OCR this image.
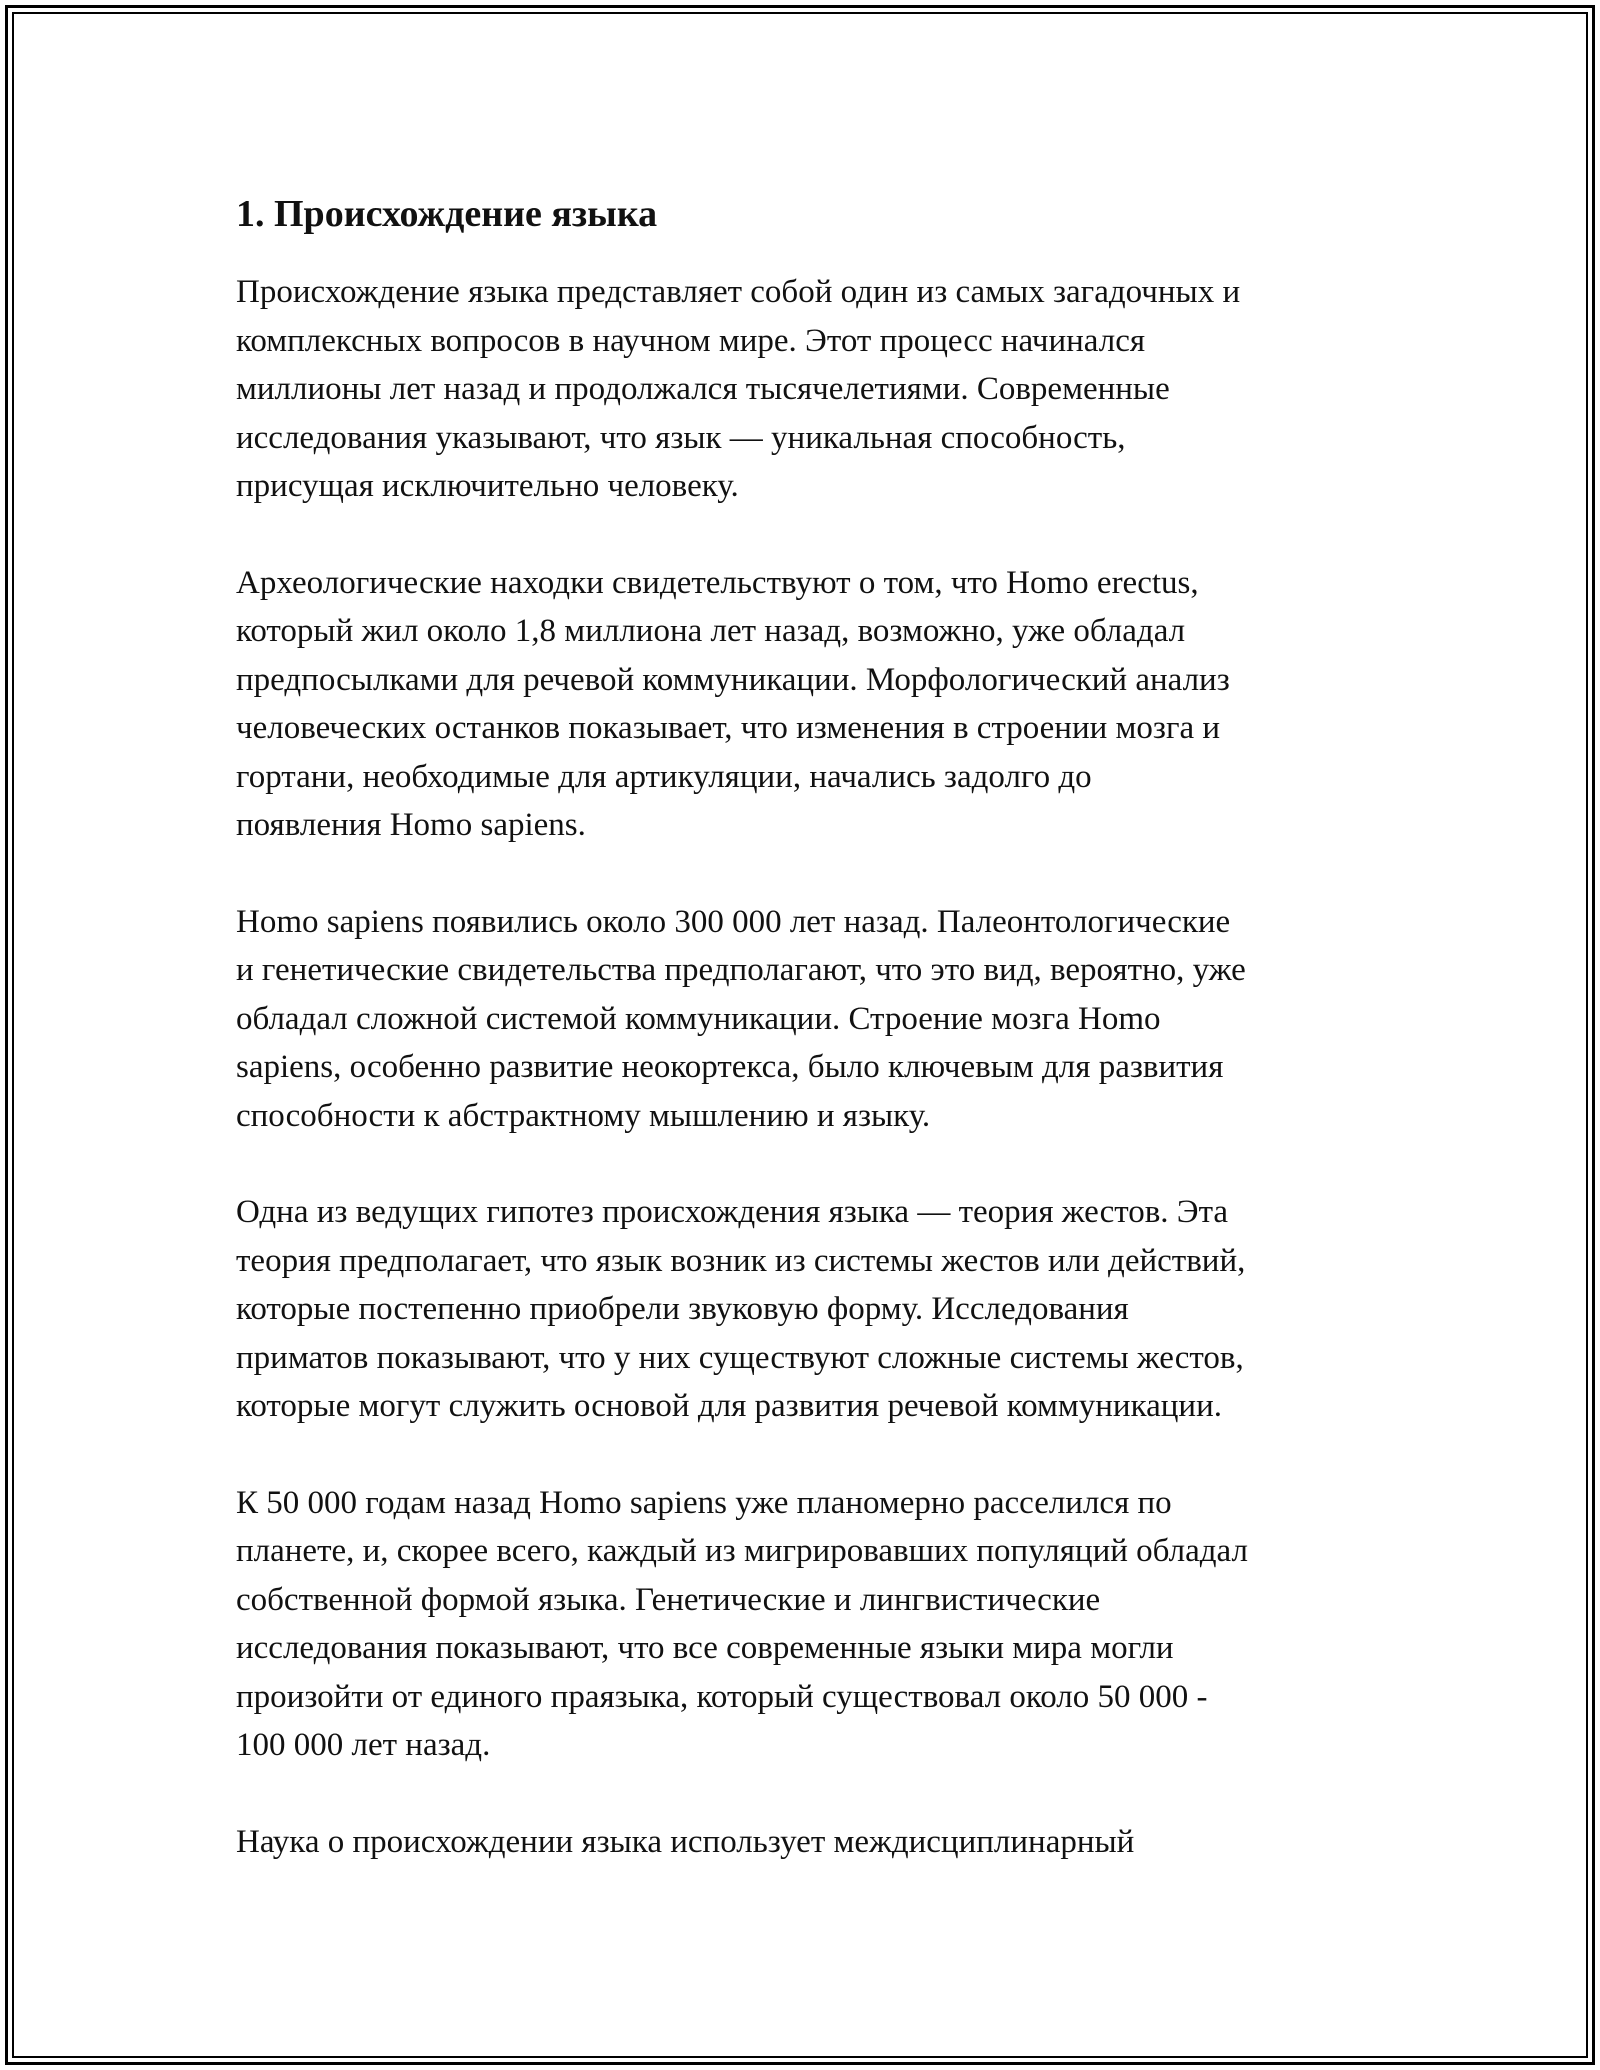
1. Происхождение языка

Происхождение языка представляет собой один из самых загадочных и
комплексных вопросов в научном мире. Этот процесс начинался
миллионы лет назад и продолжался тысячелетиями. Современные
исследования указывают, что язык — уникальная способность,
присущая исключительно человеку.

Археологические находки свидетельствуют о том, что Homo erectus,
который жил около 1,8 миллиона лет назад, возможно, уже обладал
предпосылками для речевой коммуникации. Морфологический анализ
человеческих останков показывает, что изменения в строении мозга и
гортани, необходимые для артикуляции, начались задолго до
появления Homo sapiens.

Homo sapiens появились около 300 000 лет назад. Палеонтологические
и генетические свидетельства предполагают, что это вид, вероятно, уже
обладал сложной системой коммуникации. Строение мозга Homo
sapiens, особенно развитие неокортекса, было ключевым для развития
способности к абстрактному мышлению и языку.

Одна из ведущих гипотез происхождения языка — теория жестов. Эта
теория предполагает, что язык возник из системы жестов или действий,
которые постепенно приобрели звуковую форму. Исследования
приматов показывают, что у них существуют сложные системы жестов,
которые могут служить основой для развития речевой коммуникации.

К 50 000 годам назад Homo sapiens уже планомерно расселился по
планете, и, скорее всего, каждый из мигрировавших популяций обладал
собственной формой языка. Генетические и лингвистические
исследования показывают, что все современные языки мира могли
произойти от единого праязыка, который существовал около 50 000 -
100 000 лет назад.

Наука о происхождении языка использует междисциплинарный
